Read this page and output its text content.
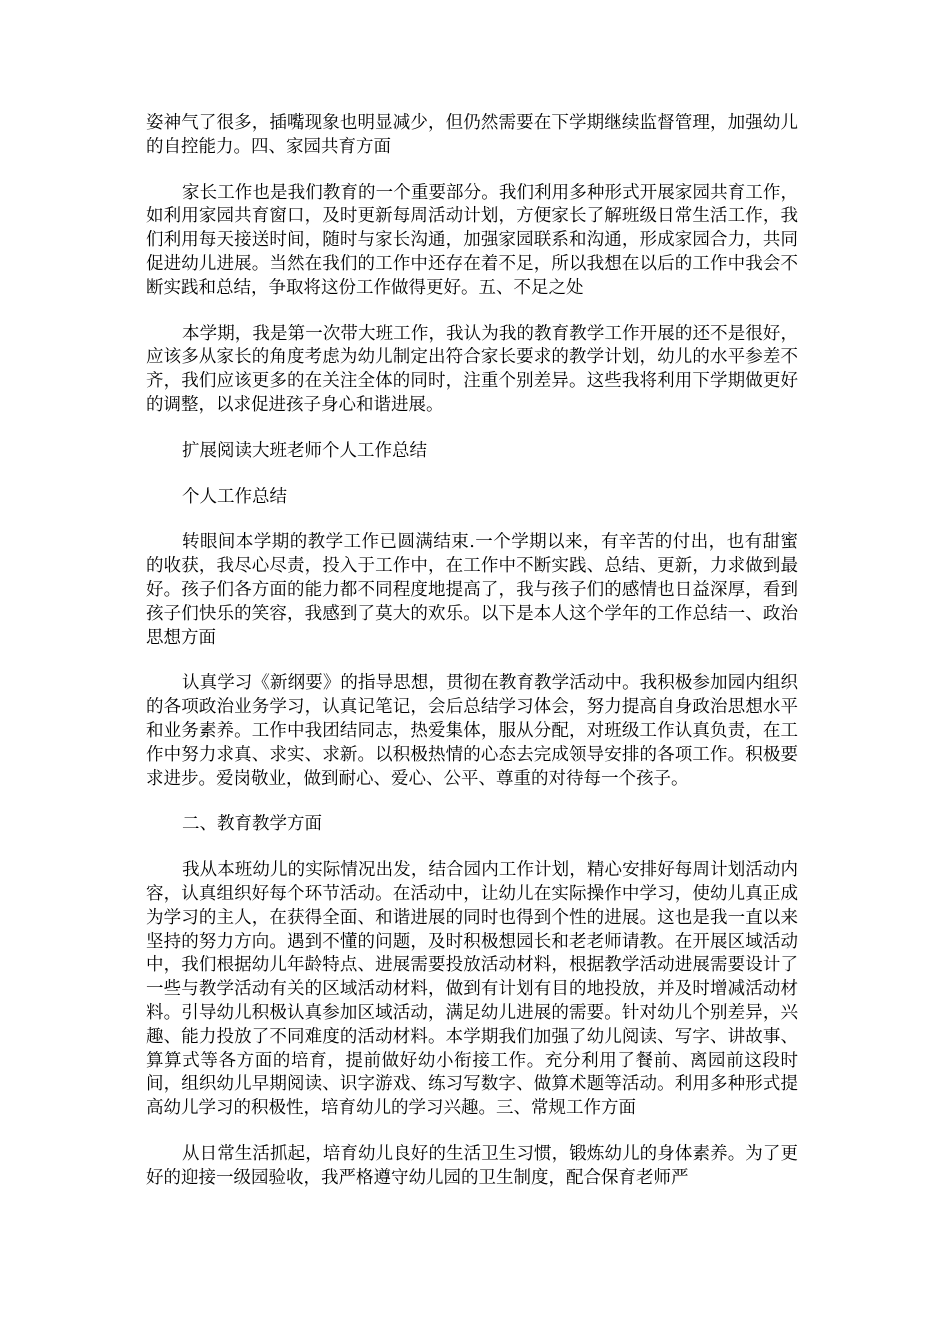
姿神气了很多，插嘴现象也明显减少，但仍然需要在下学期继续监督管理，加强幼儿的自控能力。四、家园共育方面

家长工作也是我们教育的一个重要部分。我们利用多种形式开展家园共育工作，如利用家园共育窗口，及时更新每周活动计划，方便家长了解班级日常生活工作，我们利用每天接送时间，随时与家长沟通，加强家园联系和沟通，形成家园合力，共同促进幼儿进展。当然在我们的工作中还存在着不足，所以我想在以后的工作中我会不断实践和总结，争取将这份工作做得更好。五、不足之处

本学期，我是第一次带大班工作，我认为我的教育教学工作开展的还不是很好，应该多从家长的角度考虑为幼儿制定出符合家长要求的教学计划，幼儿的水平参差不齐，我们应该更多的在关注全体的同时，注重个别差异。这些我将利用下学期做更好的调整，以求促进孩子身心和谐进展。

扩展阅读大班老师个人工作总结

个人工作总结

转眼间本学期的教学工作已圆满结束.一个学期以来，有辛苦的付出，也有甜蜜的收获，我尽心尽责，投入于工作中，在工作中不断实践、总结、更新，力求做到最好。孩子们各方面的能力都不同程度地提高了，我与孩子们的感情也日益深厚，看到孩子们快乐的笑容，我感到了莫大的欢乐。以下是本人这个学年的工作总结一、政治思想方面

认真学习《新纲要》的指导思想，贯彻在教育教学活动中。我积极参加园内组织的各项政治业务学习，认真记笔记，会后总结学习体会，努力提高自身政治思想水平和业务素养。工作中我团结同志，热爱集体，服从分配，对班级工作认真负责，在工作中努力求真、求实、求新。以积极热情的心态去完成领导安排的各项工作。积极要求进步。爱岗敬业，做到耐心、爱心、公平、尊重的对待每一个孩子。

二、教育教学方面

我从本班幼儿的实际情况出发，结合园内工作计划，精心安排好每周计划活动内容，认真组织好每个环节活动。在活动中，让幼儿在实际操作中学习，使幼儿真正成为学习的主人，在获得全面、和谐进展的同时也得到个性的进展。这也是我一直以来坚持的努力方向。遇到不懂的问题，及时积极想园长和老老师请教。在开展区域活动中，我们根据幼儿年龄特点、进展需要投放活动材料，根据教学活动进展需要设计了一些与教学活动有关的区域活动材料，做到有计划有目的地投放，并及时增减活动材料。引导幼儿积极认真参加区域活动，满足幼儿进展的需要。针对幼儿个别差异，兴趣、能力投放了不同难度的活动材料。本学期我们加强了幼儿阅读、写字、讲故事、算算式等各方面的培育，提前做好幼小衔接工作。充分利用了餐前、离园前这段时间，组织幼儿早期阅读、识字游戏、练习写数字、做算术题等活动。利用多种形式提高幼儿学习的积极性，培育幼儿的学习兴趣。三、常规工作方面

从日常生活抓起，培育幼儿良好的生活卫生习惯，锻炼幼儿的身体素养。为了更好的迎接一级园验收，我严格遵守幼儿园的卫生制度，配合保育老师严
